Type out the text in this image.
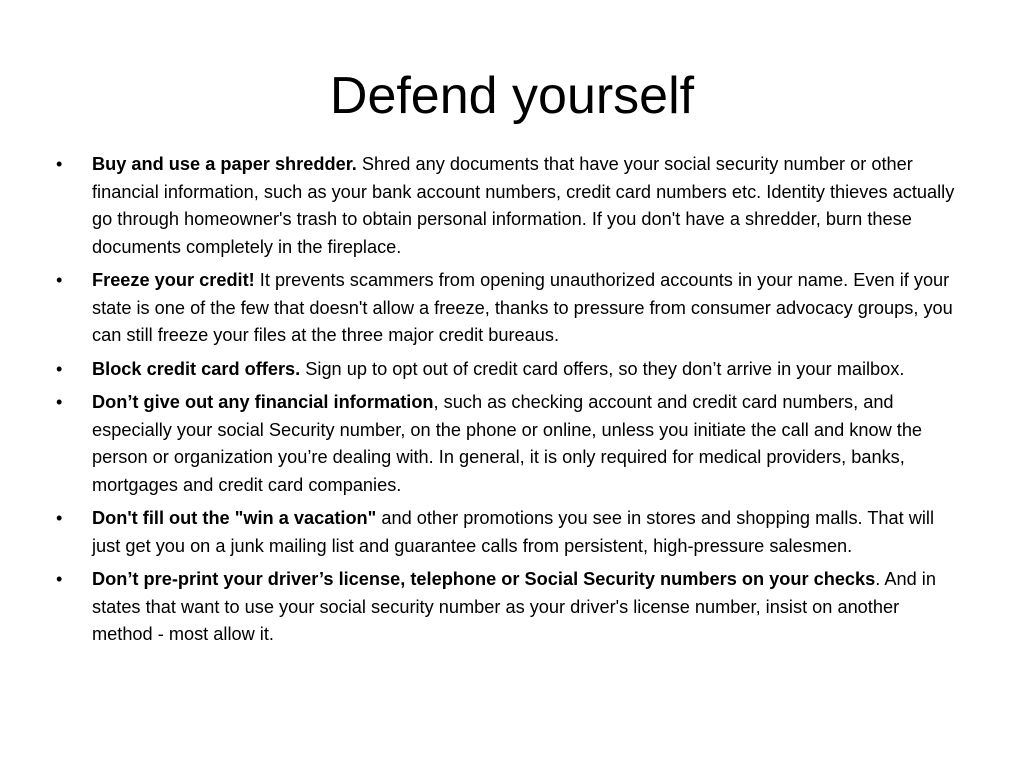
Defend yourself
•	Buy and use a paper shredder. Shred any documents that have your social security number or other financial information, such as your bank account numbers, credit card numbers etc. Identity thieves actually go through homeowner's trash to obtain personal information. If you don't have a shredder, burn these documents completely in the fireplace.
•	Freeze your credit! It prevents scammers from opening unauthorized accounts in your name. Even if your state is one of the few that doesn't allow a freeze, thanks to pressure from consumer advocacy groups, you can still freeze your files at the three major credit bureaus.
•	Block credit card offers. Sign up to opt out of credit card offers, so they don’t arrive in your mailbox.
•	Don’t give out any financial information, such as checking account and credit card numbers, and especially your social Security number, on the phone or online, unless you initiate the call and know the person or organization you’re dealing with. In general, it is only required for medical providers, banks, mortgages and credit card companies.
•	Don't fill out the "win a vacation" and other promotions you see in stores and shopping malls. That will just get you on a junk mailing list and guarantee calls from persistent, high-pressure salesmen.
•	Don’t pre-print your driver’s license, telephone or Social Security numbers on your checks. And in states that want to use your social security number as your driver's license number, insist on another method - most allow it.
